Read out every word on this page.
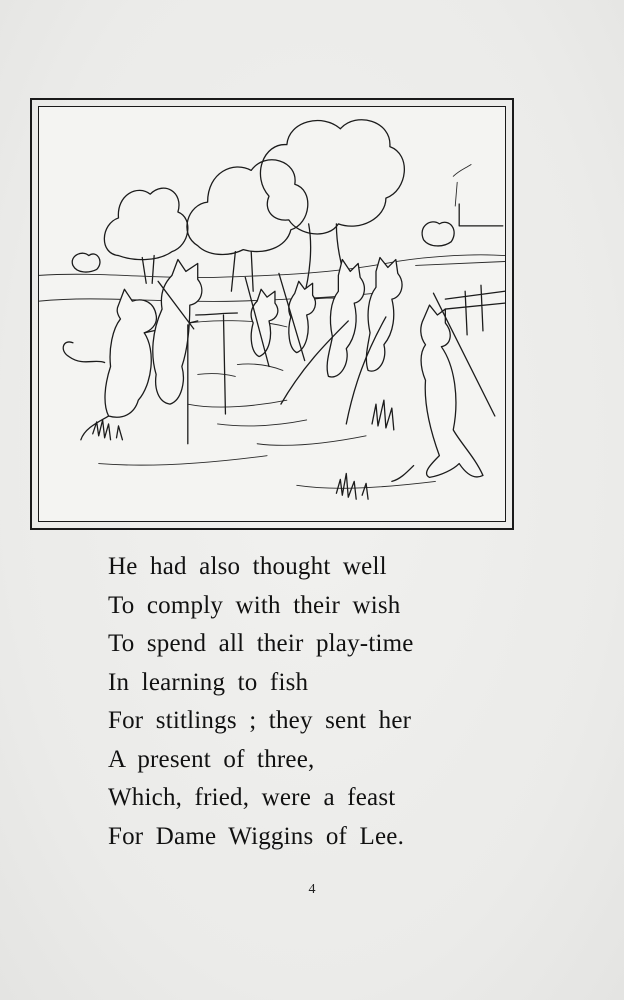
He had also thought well
To comply with their wish
To spend all their play-time
In learning to fish
For stitlings ; they sent her
A present of three,
Which, fried, were a feast
For Dame Wiggins of Lee.
4
